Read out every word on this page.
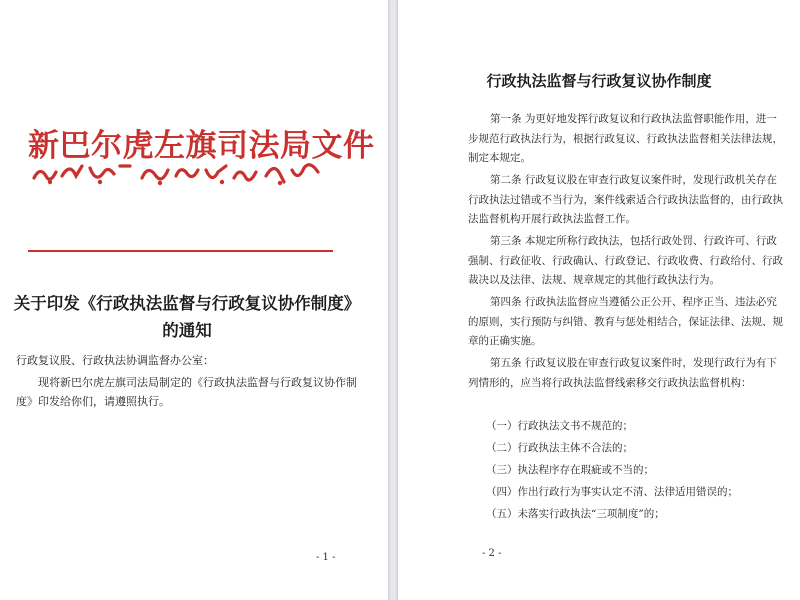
新巴尔虎左旗司法局文件
关于印发《行政执法监督与行政复议协作制度》
的通知
行政复议股、行政执法协调监督办公室：
现将新巴尔虎左旗司法局制定的《行政执法监督与行政复议协作制度》印发给你们，请遵照执行。
- 1 -
行政执法监督与行政复议协作制度
第一条 为更好地发挥行政复议和行政执法监督职能作用，进一步规范行政执法行为，根据行政复议、行政执法监督相关法律法规，制定本规定。
第二条 行政复议股在审查行政复议案件时，发现行政机关存在行政执法过错或不当行为，案件线索适合行政执法监督的，由行政执法监督机构开展行政执法监督工作。
第三条 本规定所称行政执法，包括行政处罚、行政许可、行政强制、行政征收、行政确认、行政登记、行政收费、行政给付、行政裁决以及法律、法规、规章规定的其他行政执法行为。
第四条 行政执法监督应当遵循公正公开、程序正当、违法必究的原则，实行预防与纠错、教育与惩处相结合，保证法律、法规、规章的正确实施。
第五条 行政复议股在审查行政复议案件时，发现行政行为有下列情形的，应当将行政执法监督线索移交行政执法监督机构：
（一）行政执法文书不规范的；
（二）行政执法主体不合法的；
（三）执法程序存在瑕疵或不当的；
（四）作出行政行为事实认定不清、法律适用错误的；
（五）未落实行政执法“三项制度”的；
- 2 -
